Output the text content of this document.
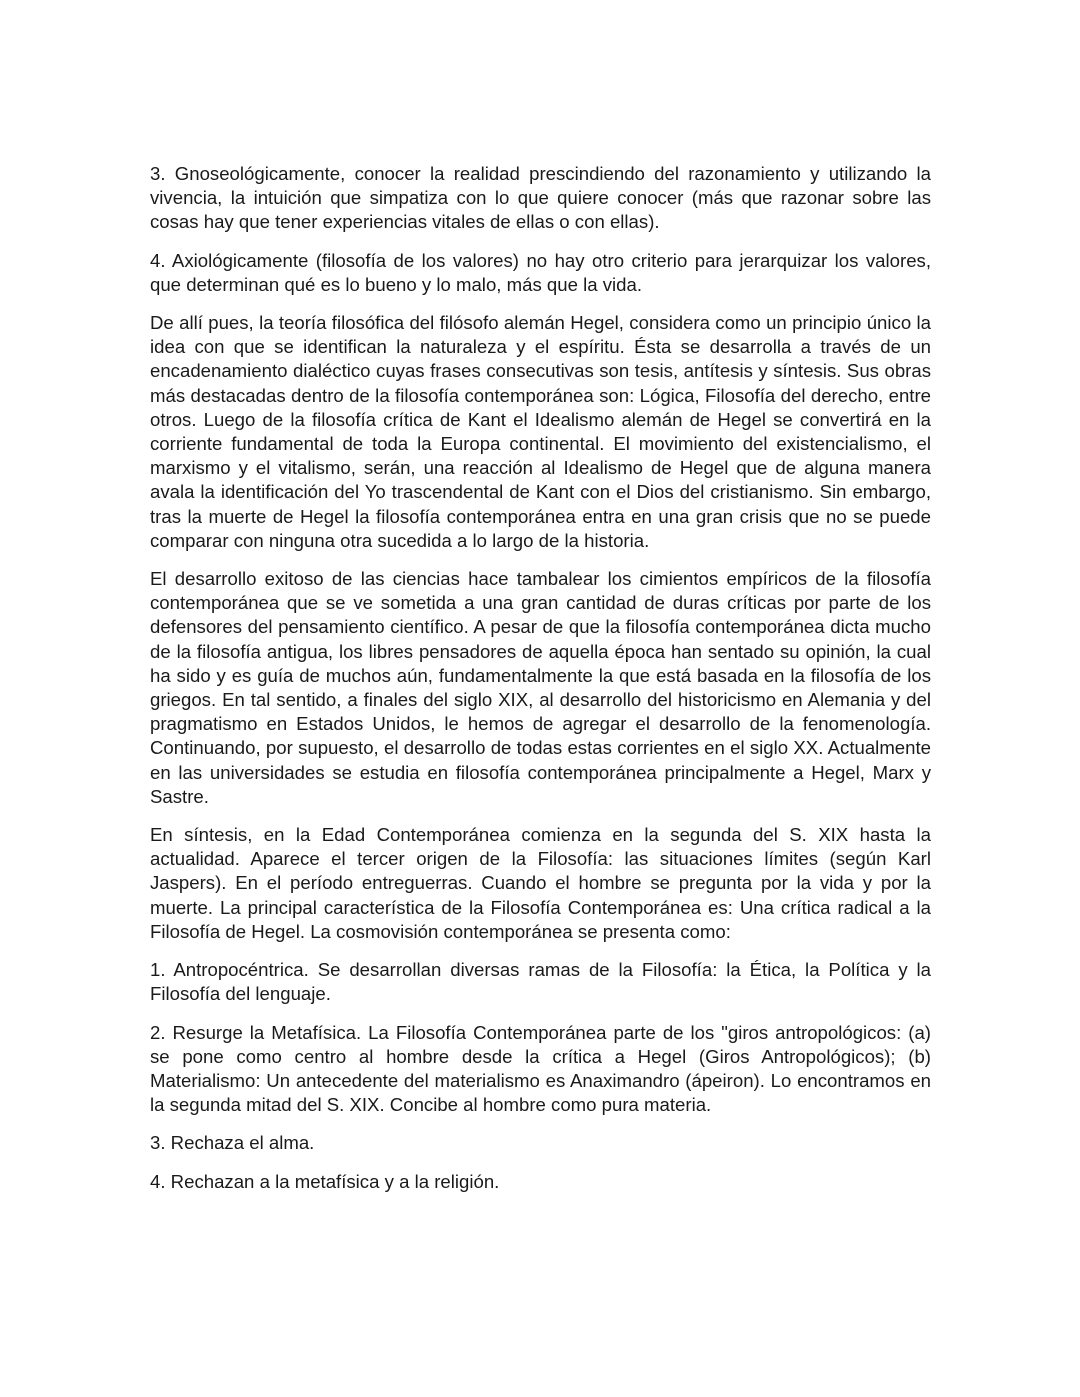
3. Gnoseológicamente, conocer la realidad prescindiendo del razonamiento y utilizando la vivencia, la intuición que simpatiza con lo que quiere conocer (más que razonar sobre las cosas hay que tener experiencias vitales de ellas o con ellas).

4. Axiológicamente (filosofía de los valores) no hay otro criterio para jerarquizar los valores, que determinan qué es lo bueno y lo malo, más que la vida.

De allí pues, la teoría filosófica del filósofo alemán Hegel, considera como un principio único la idea con que se identifican la naturaleza y el espíritu. Ésta se desarrolla a través de un encadenamiento dialéctico cuyas frases consecutivas son tesis, antítesis y síntesis. Sus obras más destacadas dentro de la filosofía contemporánea son: Lógica, Filosofía del derecho, entre otros. Luego de la filosofía crítica de Kant el Idealismo alemán de Hegel se convertirá en la corriente fundamental de toda la Europa continental. El movimiento del existencialismo, el marxismo y el vitalismo, serán, una reacción al Idealismo de Hegel que de alguna manera avala la identificación del Yo trascendental de Kant con el Dios del cristianismo. Sin embargo, tras la muerte de Hegel la filosofía contemporánea entra en una gran crisis que no se puede comparar con ninguna otra sucedida a lo largo de la historia.

El desarrollo exitoso de las ciencias hace tambalear los cimientos empíricos de la filosofía contemporánea que se ve sometida a una gran cantidad de duras críticas por parte de los defensores del pensamiento científico. A pesar de que la filosofía contemporánea dicta mucho de la filosofía antigua, los libres pensadores de aquella época han sentado su opinión, la cual ha sido y es guía de muchos aún, fundamentalmente la que está basada en la filosofía de los griegos. En tal sentido, a finales del siglo XIX, al desarrollo del historicismo en Alemania y del pragmatismo en Estados Unidos, le hemos de agregar el desarrollo de la fenomenología. Continuando, por supuesto, el desarrollo de todas estas corrientes en el siglo XX. Actualmente en las universidades se estudia en filosofía contemporánea principalmente a Hegel, Marx y Sastre.

En síntesis, en la Edad Contemporánea comienza en la segunda del S. XIX hasta la actualidad. Aparece el tercer origen de la Filosofía: las situaciones límites (según Karl Jaspers). En el período entreguerras. Cuando el hombre se pregunta por la vida y por la muerte. La principal característica de la Filosofía Contemporánea es: Una crítica radical a la Filosofía de Hegel. La cosmovisión contemporánea se presenta como:

1. Antropocéntrica. Se desarrollan diversas ramas de la Filosofía: la Ética, la Política y la Filosofía del lenguaje.

2. Resurge la Metafísica. La Filosofía Contemporánea parte de los "giros antropológicos: (a) se pone como centro al hombre desde la crítica a Hegel (Giros Antropológicos); (b) Materialismo: Un antecedente del materialismo es Anaximandro (ápeiron). Lo encontramos en la segunda mitad del S. XIX. Concibe al hombre como pura materia.

3. Rechaza el alma.

4. Rechazan a la metafísica y a la religión.
